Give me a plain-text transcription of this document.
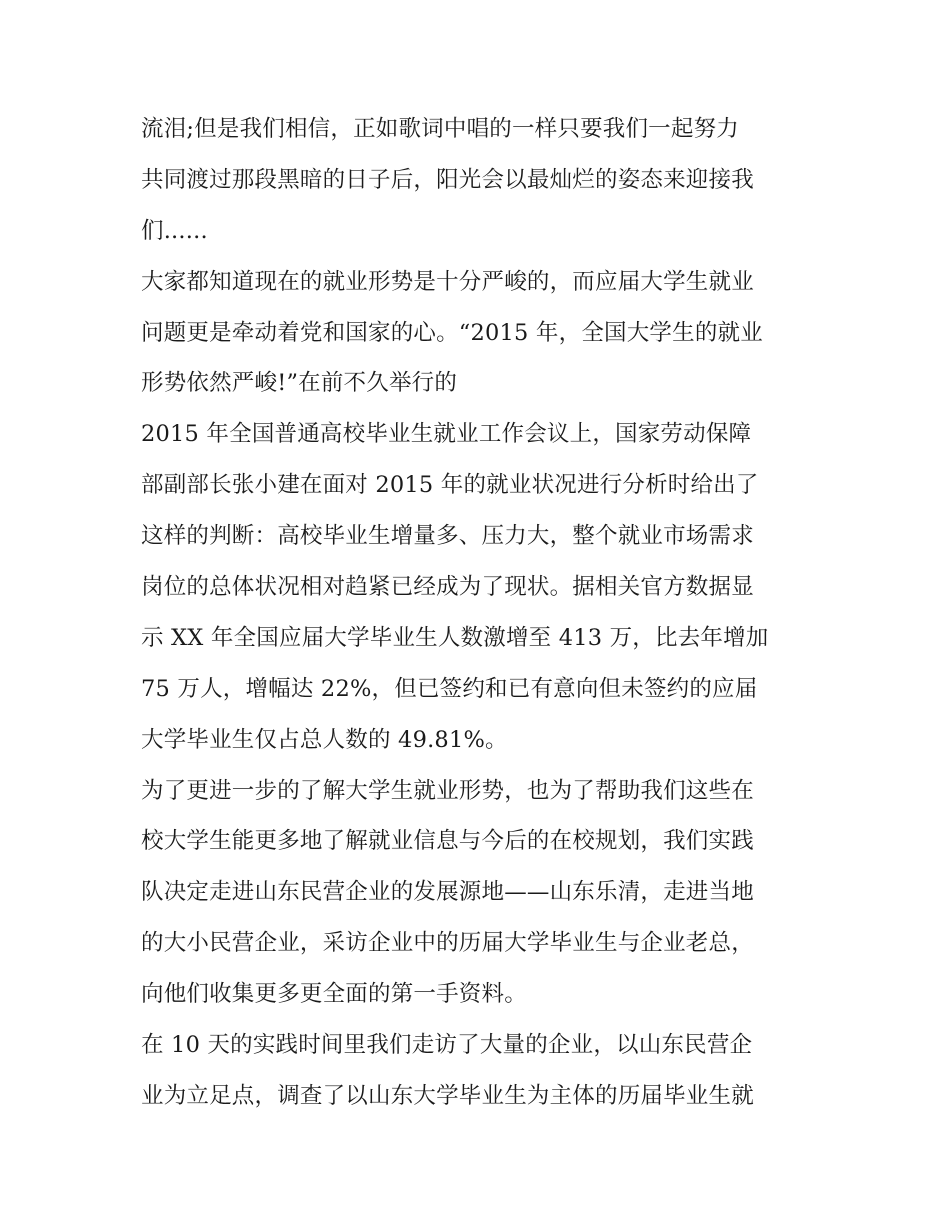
流泪;但是我们相信，正如歌词中唱的一样只要我们一起努力
共同渡过那段黑暗的日子后，阳光会以最灿烂的姿态来迎接我
们......
大家都知道现在的就业形势是十分严峻的，而应届大学生就业
问题更是牵动着党和国家的心。“2015 年，全国大学生的就业
形势依然严峻!”在前不久举行的
2015 年全国普通高校毕业生就业工作会议上，国家劳动保障
部副部长张小建在面对 2015 年的就业状况进行分析时给出了
这样的判断：高校毕业生增量多、压力大，整个就业市场需求
岗位的总体状况相对趋紧已经成为了现状。据相关官方数据显
示 XX 年全国应届大学毕业生人数激增至 413 万，比去年增加
75 万人，增幅达 22%，但已签约和已有意向但未签约的应届
大学毕业生仅占总人数的 49.81%。
为了更进一步的了解大学生就业形势，也为了帮助我们这些在
校大学生能更多地了解就业信息与今后的在校规划，我们实践
队决定走进山东民营企业的发展源地——山东乐清，走进当地
的大小民营企业，采访企业中的历届大学毕业生与企业老总，
向他们收集更多更全面的第一手资料。
在 10 天的实践时间里我们走访了大量的企业，以山东民营企
业为立足点，调查了以山东大学毕业生为主体的历届毕业生就
